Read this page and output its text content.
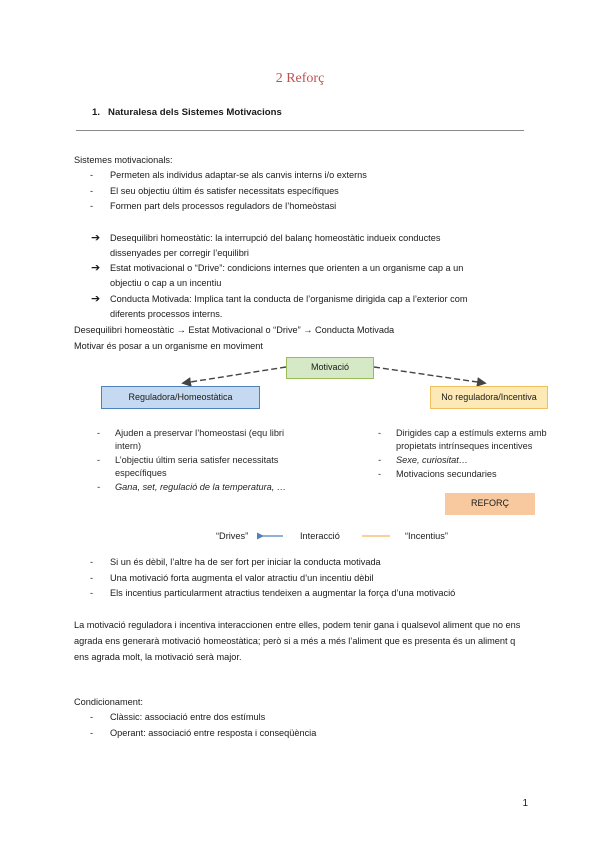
2 Reforç
1. Naturalesa dels Sistemes Motivacions
Sistemes motivacionals:
- Permeten als individus adaptar-se als canvis interns i/o externs
- El seu objectiu últim és satisfer necessitats específiques
- Formen part dels processos reguladors de l’homeòstasi
➔ Desequilibri homeostàtic: la interrupció del balanç homeostàtic indueix conductes
dissenyades per corregir l’equilibri
➔ Estat motivacional o “Drive”: condicions internes que orienten a un organisme cap a un
objectiu o cap a un incentiu
➔ Conducta Motivada: Implica tant la conducta de l’organisme dirigida cap a l’exterior com
diferents processos interns.
Desequilibri homeostàtic → Estat Motivacional o “Drive” → Conducta Motivada
Motivar és posar a un organisme en moviment
Motivació
Reguladora/Homeostàtica	No reguladora/Incentiva
- Ajuden a preservar l’homeostasi (equ libri intern)
- L’objectiu últim seria satisfer necessitats específiques
- Gana, set, regulació de la temperatura, …
- Dirigides cap a estímuls externs amb propietats intrínseques incentives
- Sexe, curiositat…
- Motivacions secundaries
REFORÇ
“Drives”	Interacció	“Incentius”
- Si un és dèbil, l’altre ha de ser fort per iniciar la conducta motivada
- Una motivació forta augmenta el valor atractiu d’un incentiu dèbil
- Els incentius particularment atractius tendeixen a augmentar la força d’una motivació
La motivació reguladora i incentiva interaccionen entre elles, podem tenir gana i qualsevol aliment que no ens agrada ens generarà motivació homeostàtica; però si a més a més l’aliment que es presenta és un aliment q ens agrada molt, la motivació serà major.
Condicionament:
- Clàssic: associació entre dos estímuls
- Operant: associació entre resposta i conseqüència
1
